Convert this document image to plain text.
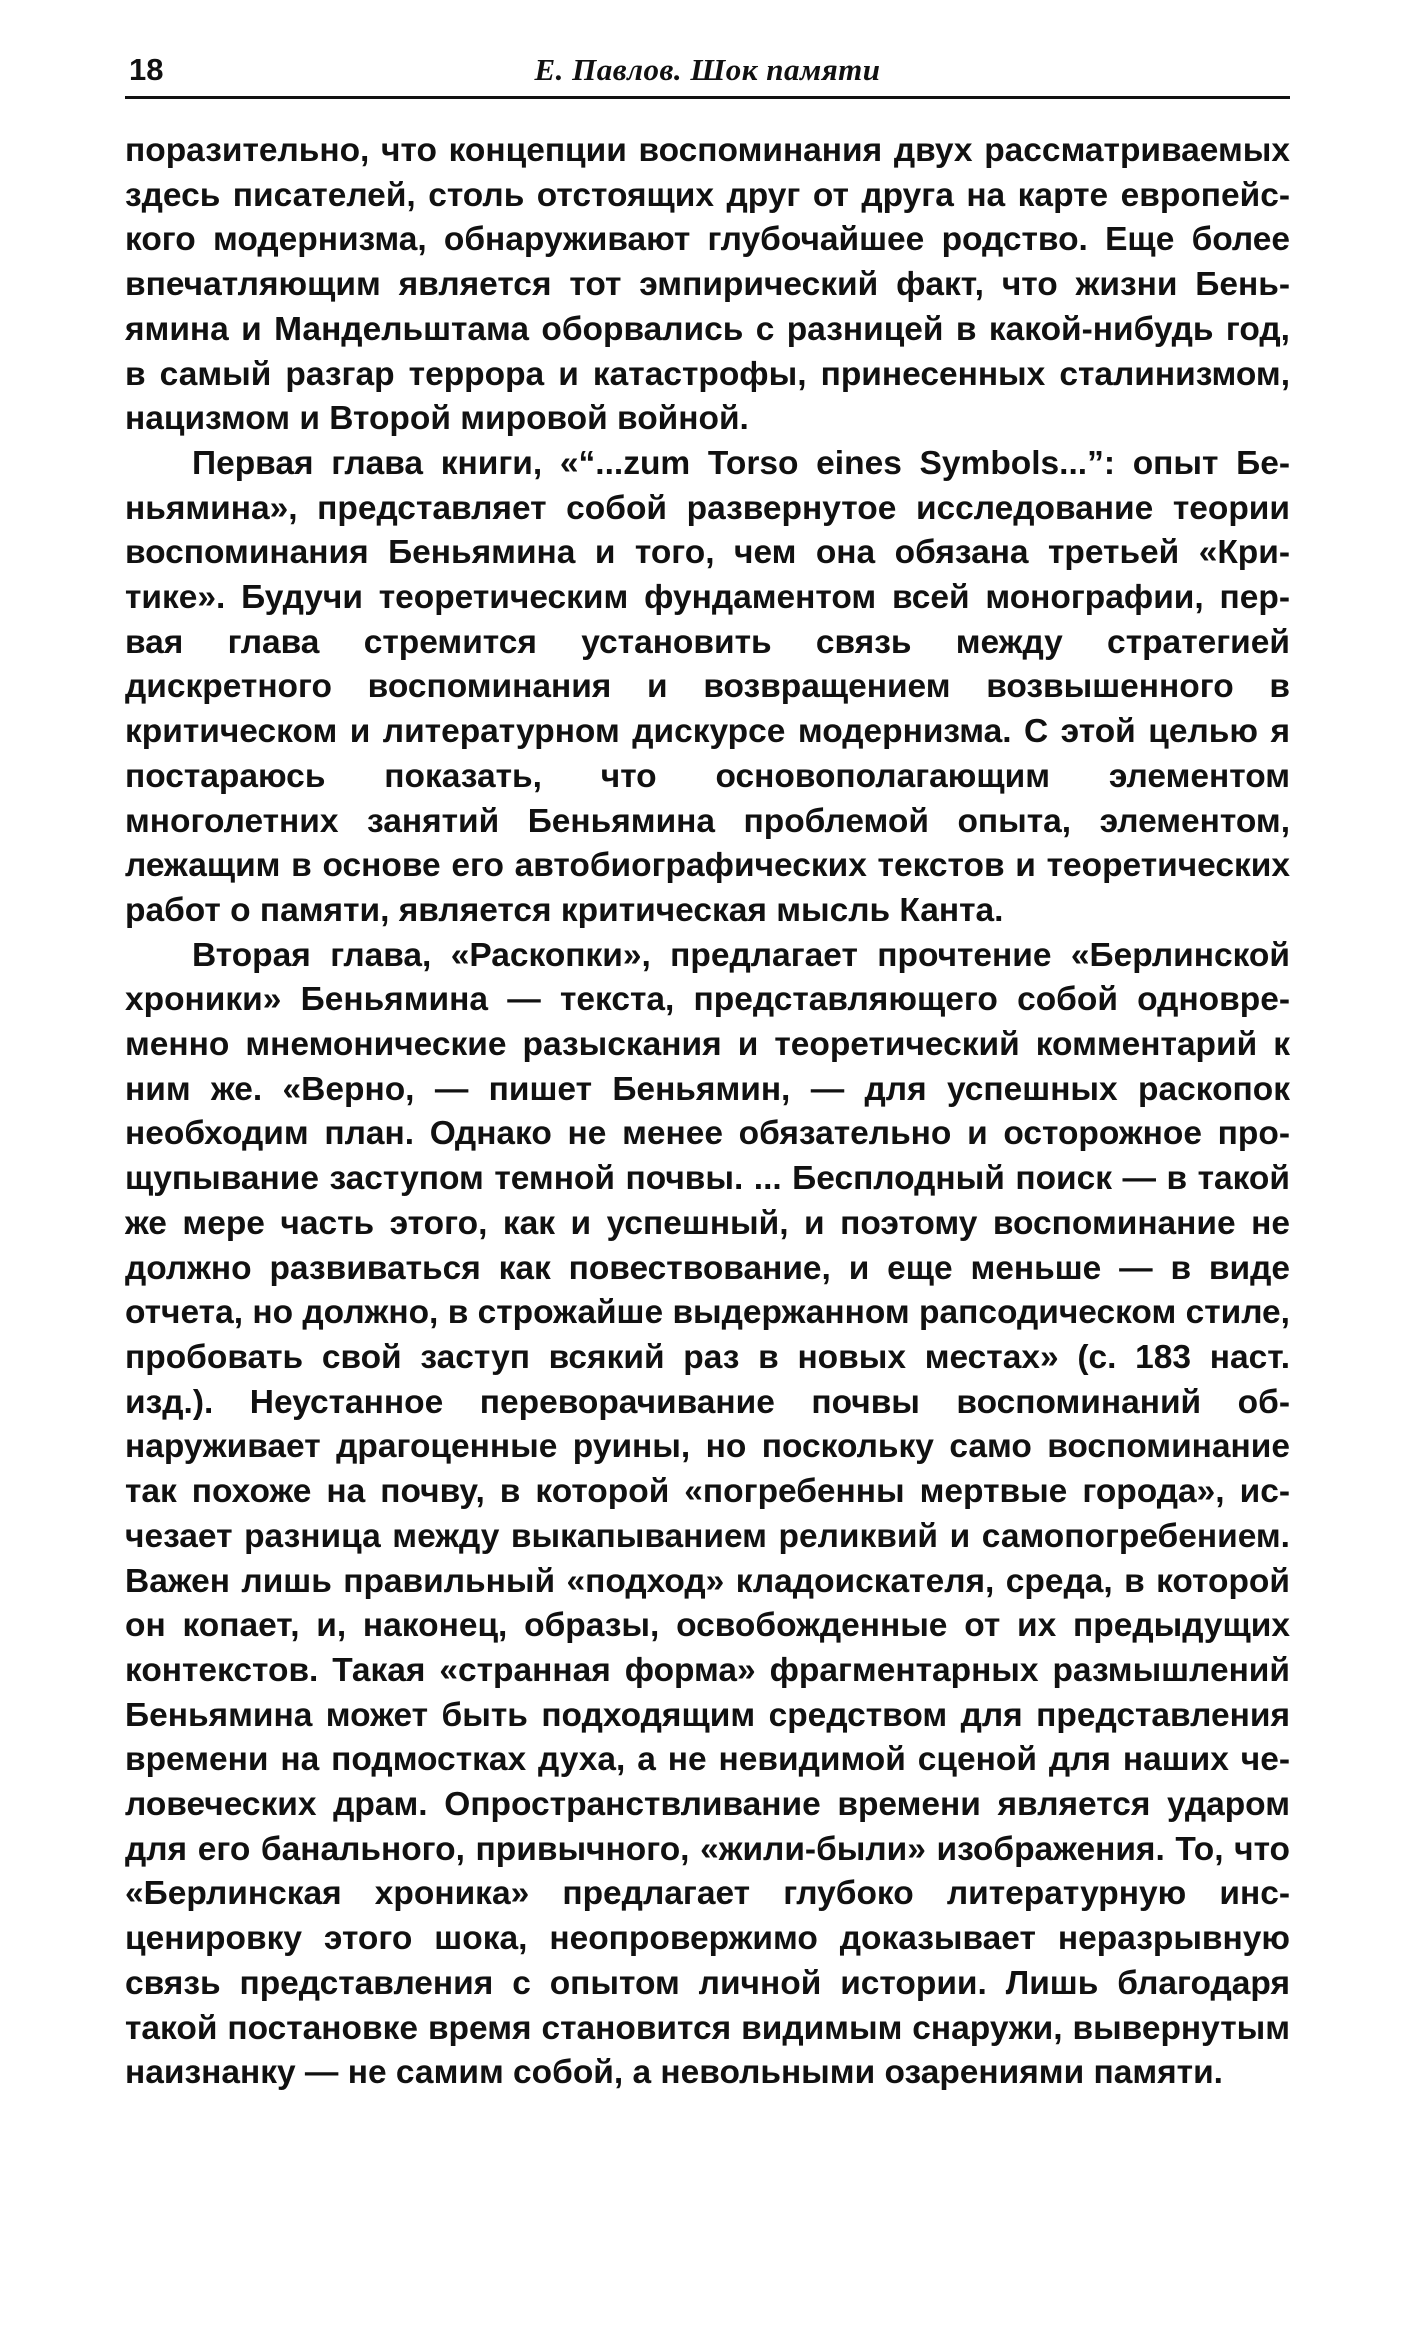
18	Е. Павлов. Шок памяти

поразительно, что концепции воспоминания двух рассматриваемых здесь писателей, столь отстоящих друг от друга на карте европейского модернизма, обнаруживают глубочайшее родство. Еще более впечатляющим является тот эмпирический факт, что жизни Беньямина и Мандельштама оборвались с разницей в какой-нибудь год, в самый разгар террора и катастрофы, принесенных сталинизмом, нацизмом и Второй мировой войной.

Первая глава книги, «“...zum Torso eines Symbols...”: опыт Беньямина», представляет собой развернутое исследование теории воспоминания Беньямина и того, чем она обязана третьей «Критике». Будучи теоретическим фундаментом всей монографии, первая глава стремится установить связь между стратегией дискретного воспоминания и возвращением возвышенного в критическом и литературном дискурсе модернизма. С этой целью я постараюсь показать, что основополагающим элементом многолетних занятий Беньямина проблемой опыта, элементом, лежащим в основе его автобиографических текстов и теоретических работ о памяти, является критическая мысль Канта.

Вторая глава, «Раскопки», предлагает прочтение «Берлинской хроники» Беньямина — текста, представляющего собой одновременно мнемонические разыскания и теоретический комментарий к ним же. «Верно, — пишет Беньямин, — для успешных раскопок необходим план. Однако не менее обязательно и осторожное прощупывание заступом темной почвы. ... Бесплодный поиск — в такой же мере часть этого, как и успешный, и поэтому воспоминание не должно развиваться как повествование, и еще меньше — в виде отчета, но должно, в строжайше выдержанном рапсодическом стиле, пробовать свой заступ всякий раз в новых местах» (с. 183 наст. изд.). Неустанное переворачивание почвы воспоминаний обнаруживает драгоценные руины, но поскольку само воспоминание так похоже на почву, в которой «погребенны мертвые города», исчезает разница между выкапыванием реликвий и самопогребением. Важен лишь правильный «подход» кладоискателя, среда, в которой он копает, и, наконец, образы, освобожденные от их предыдущих контекстов. Такая «странная форма» фрагментарных размышлений Беньямина может быть подходящим средством для представления времени на подмостках духа, а не невидимой сценой для наших человеческих драм. Опространствливание времени является ударом для его банального, привычного, «жили-были» изображения. То, что «Берлинская хроника» предлагает глубоко литературную инсценировку этого шока, неопровержимо доказывает неразрывную связь представления с опытом личной истории. Лишь благодаря такой постановке время становится видимым снаружи, вывернутым наизнанку — не самим собой, а невольными озарениями памяти.
